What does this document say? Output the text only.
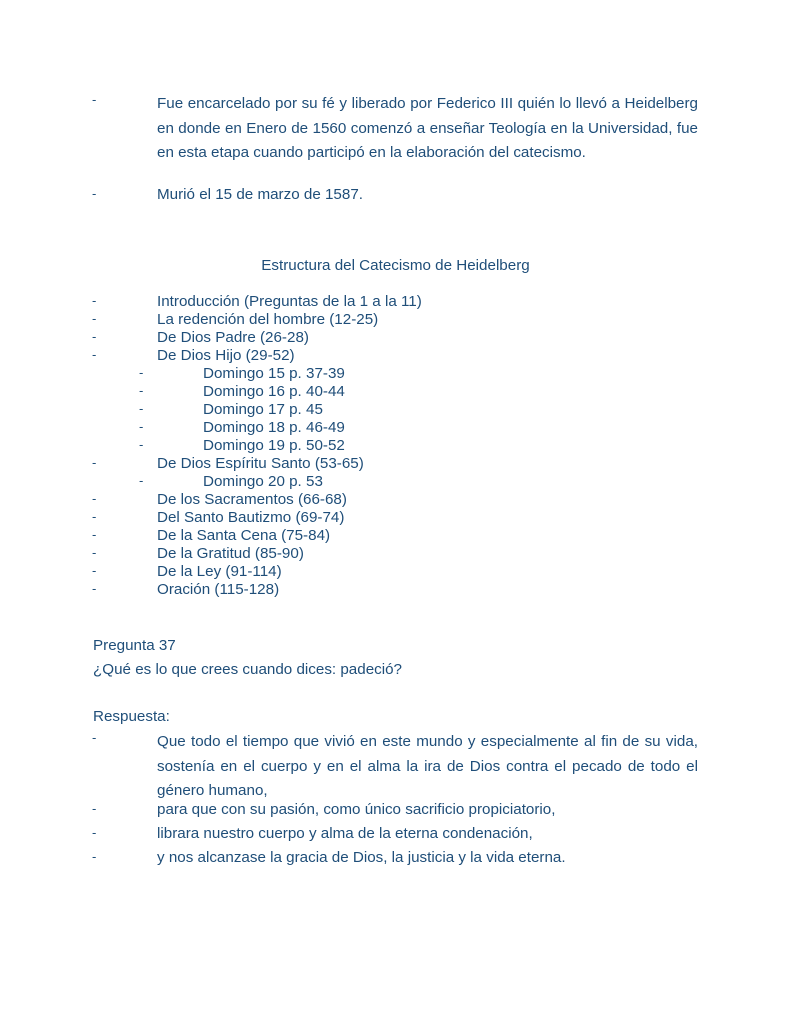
-	Fue encarcelado por su fé y liberado por Federico III quién lo llevó a Heidelberg en donde en Enero de 1560 comenzó a enseñar Teología en la Universidad, fue en esta etapa cuando participó en la elaboración del catecismo.
-	Murió el 15 de marzo de 1587.
Estructura del Catecismo de Heidelberg
-	Introducción (Preguntas de la 1 a la 11)
-	La redención del hombre (12-25)
-	De Dios Padre (26-28)
-	De Dios Hijo (29-52)
-	Domingo 15 p. 37-39
-	Domingo 16 p. 40-44
-	Domingo 17 p. 45
-	Domingo 18 p. 46-49
-	Domingo 19 p. 50-52
-	De Dios Espíritu Santo (53-65)
-	Domingo 20 p. 53
-	De los Sacramentos (66-68)
-	Del Santo Bautizmo (69-74)
-	De la Santa Cena (75-84)
-	De la Gratitud (85-90)
-	De la Ley (91-114)
-	Oración (115-128)
Pregunta 37
¿Qué es lo que crees cuando dices: padeció?
Respuesta:
-	Que todo el tiempo que vivió en este mundo y especialmente al fin de su vida, sostenía en el cuerpo y en el alma la ira de Dios contra el pecado de todo el género humano,
-	para que con su pasión, como único sacrificio propiciatorio,
-	librara nuestro cuerpo y alma de la eterna condenación,
-	y nos alcanzase la gracia de Dios, la justicia y la vida eterna.
